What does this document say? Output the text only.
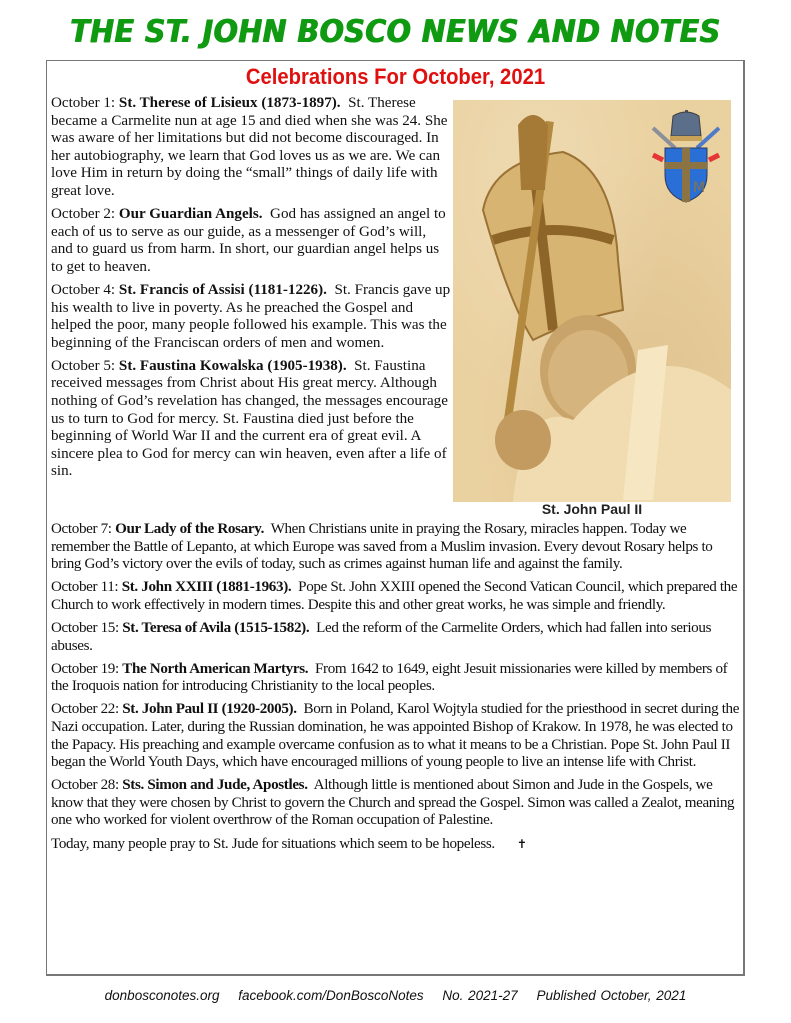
THE ST. JOHN BOSCO NEWS AND NOTES
Celebrations For October, 2021

October 1: St. Therese of Lisieux (1873-1897). St. Therese became a Carmelite nun at age 15 and died when she was 24. She was aware of her limitations but did not become discouraged. In her autobiography, we learn that God loves us as we are. We can love Him in return by doing the “small” things of daily life with great love.

October 2: Our Guardian Angels. God has assigned an angel to each of us to serve as our guide, as a messenger of God’s will, and to guard us from harm. In short, our guardian angel helps us to get to heaven.

October 4: St. Francis of Assisi (1181-1226). St. Francis gave up his wealth to live in poverty. As he preached the Gospel and helped the poor, many people followed his example. This was the beginning of the Franciscan orders of men and women.

October 5: St. Faustina Kowalska (1905-1938). St. Faustina received messages from Christ about His great mercy. Although nothing of God’s revelation has changed, the messages encourage us to turn to God for mercy. St. Faustina died just before the beginning of World War II and the current era of great evil. A sincere plea to God for mercy can win heaven, even after a life of sin.

M
St. John Paul II

October 7: Our Lady of the Rosary. When Christians unite in praying the Rosary, miracles happen. Today we remember the Battle of Lepanto, at which Europe was saved from a Muslim invasion. Every devout Rosary helps to bring God’s victory over the evils of today, such as crimes against human life and against the family.

October 11: St. John XXIII (1881-1963). Pope St. John XXIII opened the Second Vatican Council, which prepared the Church to work effectively in modern times. Despite this and other great works, he was simple and friendly.

October 15: St. Teresa of Avila (1515-1582). Led the reform of the Carmelite Orders, which had fallen into serious abuses.

October 19: The North American Martyrs. From 1642 to 1649, eight Jesuit missionaries were killed by members of the Iroquois nation for introducing Christianity to the local peoples.

October 22: St. John Paul II (1920-2005). Born in Poland, Karol Wojtyla studied for the priesthood in secret during the Nazi occupation. Later, during the Russian domination, he was appointed Bishop of Krakow. In 1978, he was elected to the Papacy. His preaching and example overcame confusion as to what it means to be a Christian. Pope St. John Paul II began the World Youth Days, which have encouraged millions of young people to live an intense life with Christ.

October 28: Sts. Simon and Jude, Apostles. Although little is mentioned about Simon and Jude in the Gospels, we know that they were chosen by Christ to govern the Church and spread the Gospel. Simon was called a Zealot, meaning one who worked for violent overthrow of the Roman occupation of Palestine.

Today, many people pray to St. Jude for situations which seem to be hopeless. ✝

donbosconotes.org facebook.com/DonBoscoNotes No. 2021-27 Published October, 2021
